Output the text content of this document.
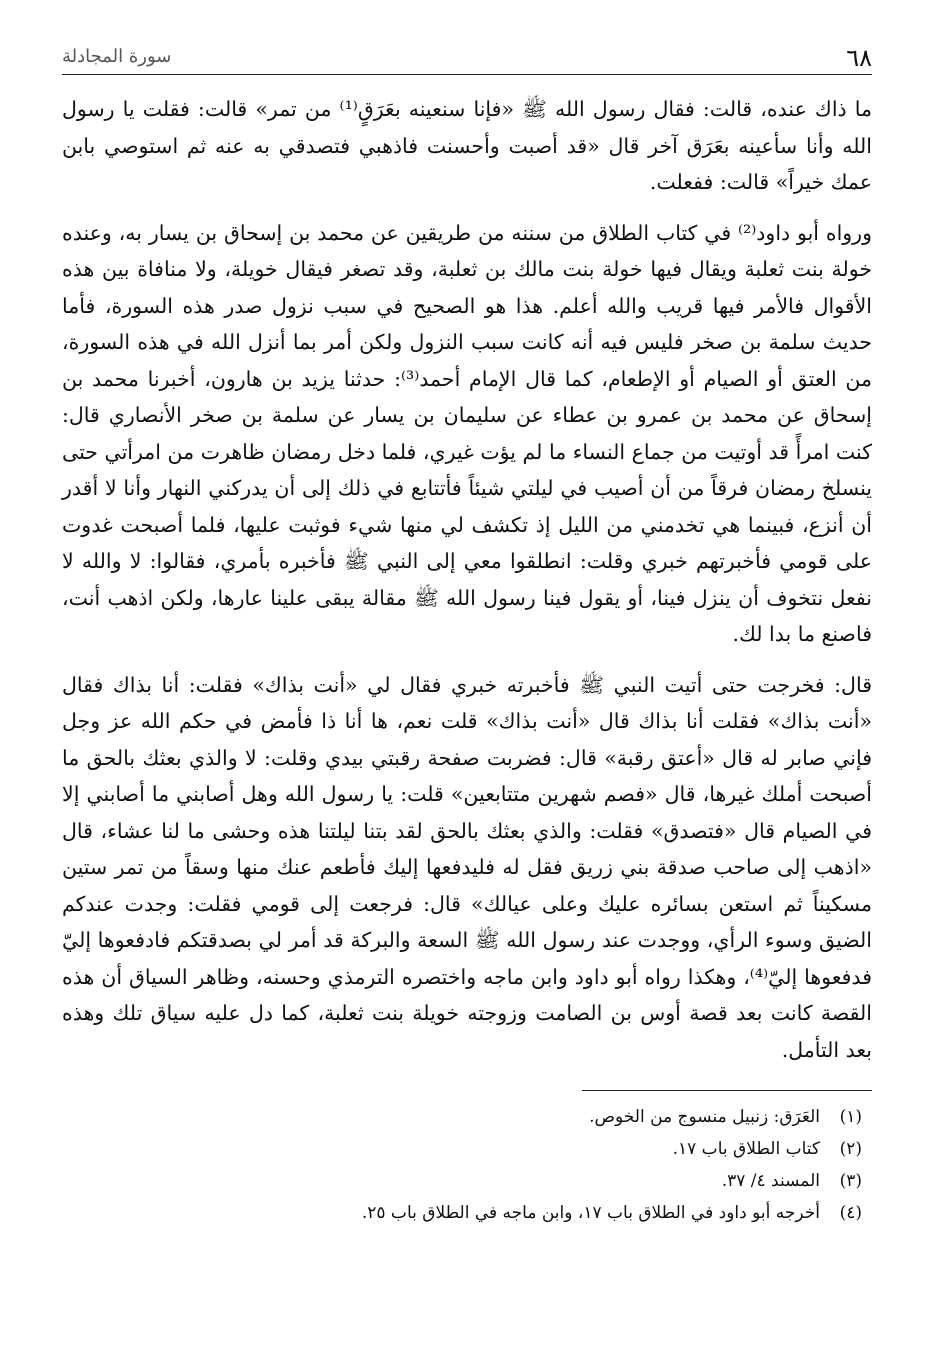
٦٨
سورة المجادلة

ما ذاك عنده، قالت: فقال رسول الله ﷺ «فإنا سنعينه بعَرَقٍ⁽¹⁾ من تمر» قالت: فقلت يا رسول الله وأنا سأعينه بعَرَق آخر قال «قد أصبت وأحسنت فاذهبي فتصدقي به عنه ثم استوصي بابن عمك خيراً» قالت: ففعلت.

ورواه أبو داود⁽²⁾ في كتاب الطلاق من سننه من طريقين عن محمد بن إسحاق بن يسار به، وعنده خولة بنت ثعلبة ويقال فيها خولة بنت مالك بن ثعلبة، وقد تصغر فيقال خويلة، ولا منافاة بين هذه الأقوال فالأمر فيها قريب والله أعلم. هذا هو الصحيح في سبب نزول صدر هذه السورة، فأما حديث سلمة بن صخر فليس فيه أنه كانت سبب النزول ولكن أمر بما أنزل الله في هذه السورة، من العتق أو الصيام أو الإطعام، كما قال الإمام أحمد⁽³⁾: حدثنا يزيد بن هارون، أخبرنا محمد بن إسحاق عن محمد بن عمرو بن عطاء عن سليمان بن يسار عن سلمة بن صخر الأنصاري قال: كنت امرأً قد أوتيت من جماع النساء ما لم يؤت غيري، فلما دخل رمضان ظاهرت من امرأتي حتى ينسلخ رمضان فرقاً من أن أصيب في ليلتي شيئاً فأتتابع في ذلك إلى أن يدركني النهار وأنا لا أقدر أن أنزع، فبينما هي تخدمني من الليل إذ تكشف لي منها شيء فوثبت عليها، فلما أصبحت غدوت على قومي فأخبرتهم خبري وقلت: انطلقوا معي إلى النبي ﷺ فأخبره بأمري، فقالوا: لا والله لا نفعل نتخوف أن ينزل فينا، أو يقول فينا رسول الله ﷺ مقالة يبقى علينا عارها، ولكن اذهب أنت، فاصنع ما بدا لك.

قال: فخرجت حتى أتيت النبي ﷺ فأخبرته خبري فقال لي «أنت بذاك» فقلت: أنا بذاك فقال «أنت بذاك» فقلت أنا بذاك قال «أنت بذاك» قلت نعم، ها أنا ذا فأمض في حكم الله عز وجل فإني صابر له قال «أعتق رقبة» قال: فضربت صفحة رقبتي بيدي وقلت: لا والذي بعثك بالحق ما أصبحت أملك غيرها، قال «فصم شهرين متتابعين» قلت: يا رسول الله وهل أصابني ما أصابني إلا في الصيام قال «فتصدق» فقلت: والذي بعثك بالحق لقد بتنا ليلتنا هذه وحشى ما لنا عشاء، قال «اذهب إلى صاحب صدقة بني زريق فقل له فليدفعها إليك فأطعم عنك منها وسقاً من تمر ستين مسكيناً ثم استعن بسائره عليك وعلى عيالك» قال: فرجعت إلى قومي فقلت: وجدت عندكم الضيق وسوء الرأي، ووجدت عند رسول الله ﷺ السعة والبركة قد أمر لي بصدقتكم فادفعوها إليّ فدفعوها إليّ⁽⁴⁾، وهكذا رواه أبو داود وابن ماجه واختصره الترمذي وحسنه، وظاهر السياق أن هذه القصة كانت بعد قصة أوس بن الصامت وزوجته خويلة بنت ثعلبة، كما دل عليه سياق تلك وهذه بعد التأمل.

(١)
العَرَق: زنبيل منسوج من الخوص.
(٢)
كتاب الطلاق باب ١٧.
(٣)
المسند ٤/ ٣٧.
(٤)
أخرجه أبو داود في الطلاق باب ١٧، وابن ماجه في الطلاق باب ٢٥.
